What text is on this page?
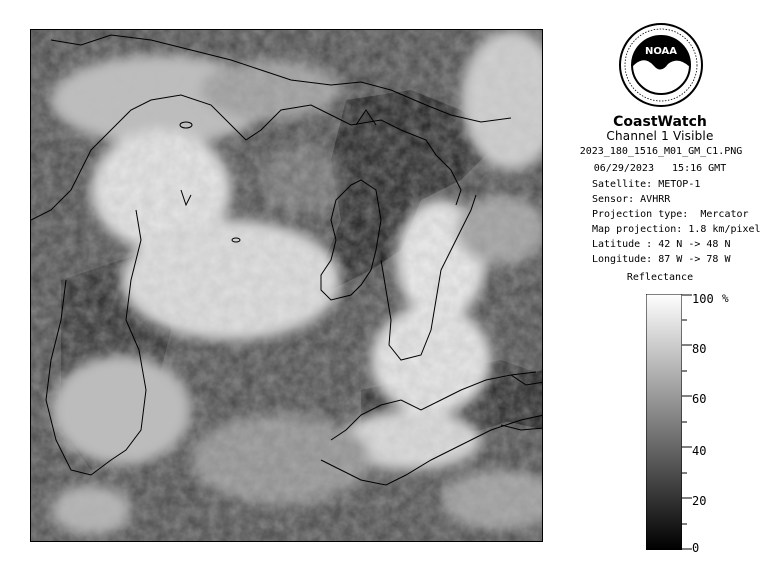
NOAA
CoastWatch
Channel 1 Visible
2023_180_1516_M01_GM_C1.PNG
06/29/2023   15:16 GMT
Satellite: METOP-1
Sensor: AVHRR
Projection type:  Mercator
Map projection: 1.8 km/pixel
Latitude : 42 N -> 48 N
Longitude: 87 W -> 78 W
Reflectance
100 %
80
60
40
20
0
